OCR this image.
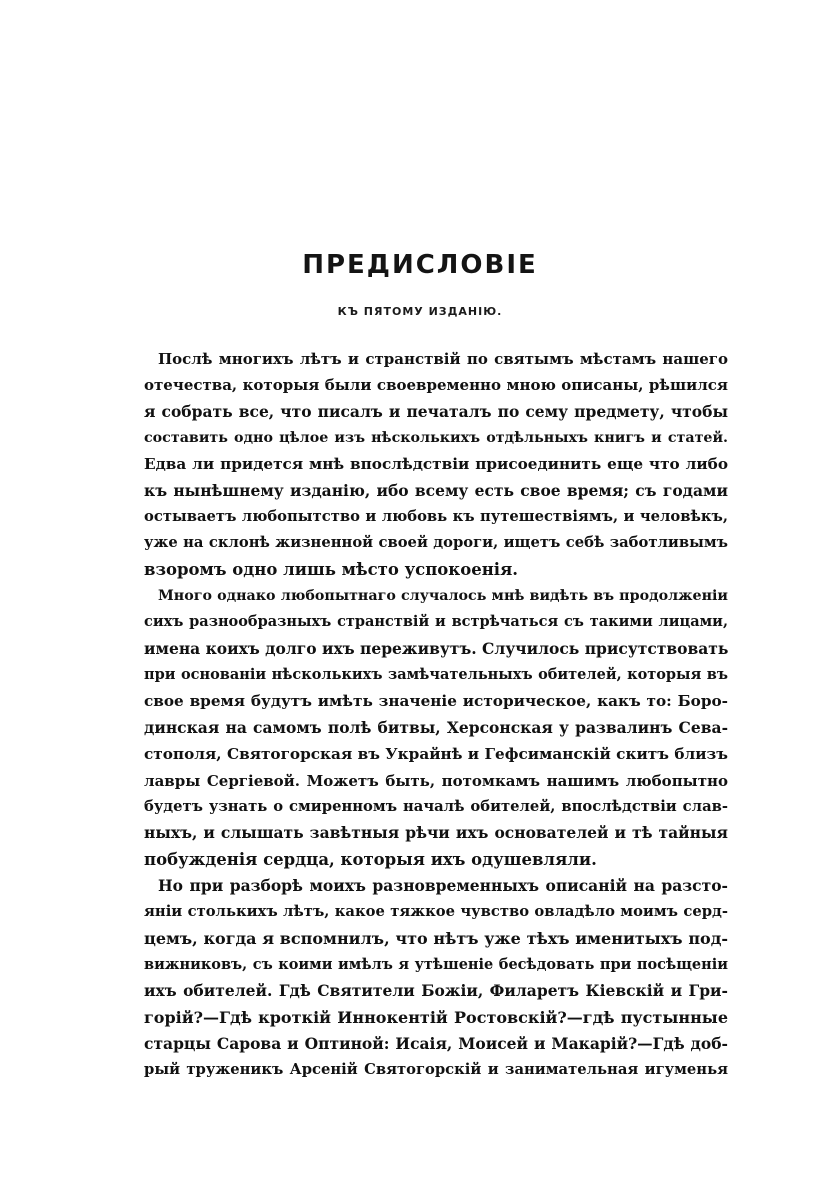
ПРЕДИСЛОВІЕ

КЪ ПЯТОМУ ИЗДАНІЮ.

Послѣ многихъ лѣтъ и странствій по святымъ мѣстамъ нашего
отечества, которыя были своевременно мною описаны, рѣшился
я собрать все, что писалъ и печаталъ по сему предмету, чтобы
составить одно цѣлое изъ нѣсколькихъ отдѣльныхъ книгъ и статей.
Едва ли придется мнѣ впослѣдствіи присоединить еще что либо
къ нынѣшнему изданію, ибо всему есть свое время; съ годами
остываетъ любопытство и любовь къ путешествіямъ, и человѣкъ,
уже на склонѣ жизненной своей дороги, ищетъ себѣ заботливымъ
взоромъ одно лишь мѣсто успокоенія.
Много однако любопытнаго случалось мнѣ видѣть въ продолженіи
сихъ разнообразныхъ странствій и встрѣчаться съ такими лицами,
имена коихъ долго ихъ переживутъ. Случилось присутствовать
при основаніи нѣсколькихъ замѣчательныхъ обителей, которыя въ
свое время будутъ имѣть значеніе историческое, какъ то: Боро-
динская на самомъ полѣ битвы, Херсонская у развалинъ Сева-
стополя, Святогорская въ Украйнѣ и Гефсиманскій скитъ близъ
лавры Сергіевой. Можетъ быть, потомкамъ нашимъ любопытно
будетъ узнать о смиренномъ началѣ обителей, впослѣдствіи слав-
ныхъ, и слышать завѣтныя рѣчи ихъ основателей и тѣ тайныя
побужденія сердца, которыя ихъ одушевляли.
Но при разборѣ моихъ разновременныхъ описаній на разсто-
яніи столькихъ лѣтъ, какое тяжкое чувство овладѣло моимъ серд-
цемъ, когда я вспомнилъ, что нѣтъ уже тѣхъ именитыхъ под-
вижниковъ, съ коими имѣлъ я утѣшеніе бесѣдовать при посѣщеніи
ихъ обителей. Гдѣ Святители Божіи, Филаретъ Кіевскій и Гри-
горій?—Гдѣ кроткій Иннокентій Ростовскій?—гдѣ пустынные
старцы Сарова и Оптиной: Исаія, Моисей и Макарій?—Гдѣ доб-
рый труженикъ Арсеній Святогорскій и занимательная игуменья
